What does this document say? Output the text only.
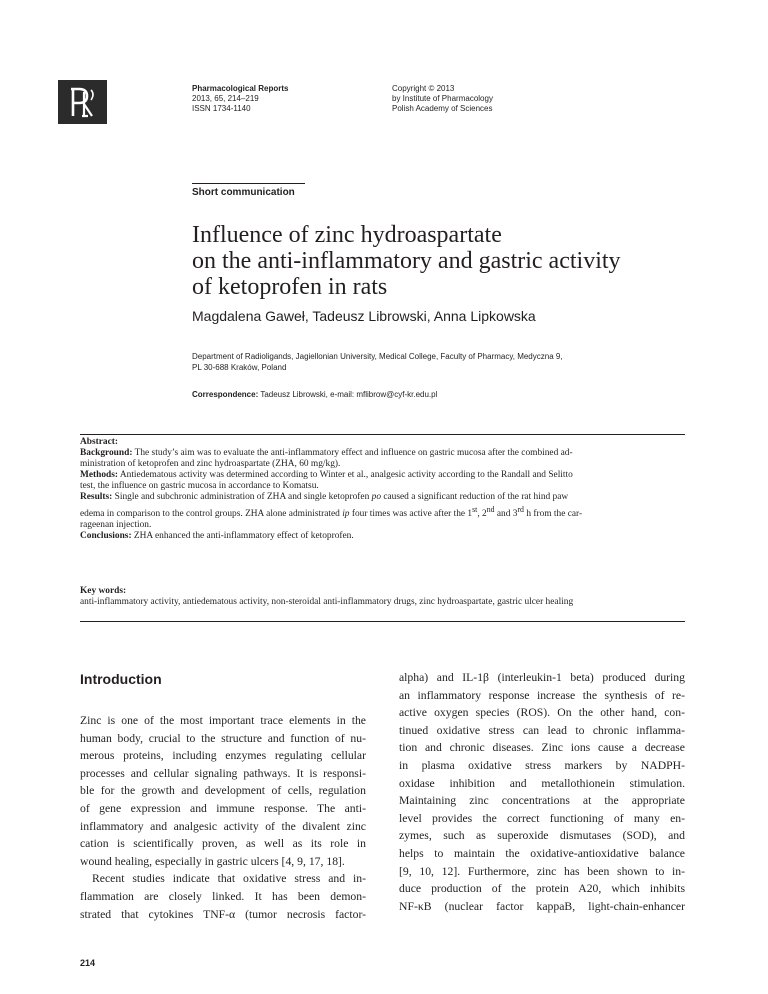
Pharmacological Reports
2013, 65, 214–219
ISSN 1734-1140
Copyright © 2013
by Institute of Pharmacology
Polish Academy of Sciences
Short communication
Influence of zinc hydroaspartate
on the anti-inflammatory and gastric activity
of ketoprofen in rats
Magdalena Gaweł, Tadeusz Librowski, Anna Lipkowska
Department of Radioligands, Jagiellonian University, Medical College, Faculty of Pharmacy, Medyczna 9,
PL 30-688 Kraków, Poland
Correspondence: Tadeusz Librowski, e-mail: mflibrow@cyf-kr.edu.pl
Abstract:
Background: The study’s aim was to evaluate the anti-inflammatory effect and influence on gastric mucosa after the combined ad-
ministration of ketoprofen and zinc hydroaspartate (ZHA, 60 mg/kg).
Methods: Antiedematous activity was determined according to Winter et al., analgesic activity according to the Randall and Selitto
test, the influence on gastric mucosa in accordance to Komatsu.
Results: Single and subchronic administration of ZHA and single ketoprofen po caused a significant reduction of the rat hind paw
edema in comparison to the control groups. ZHA alone administrated ip four times was active after the 1st, 2nd and 3rd h from the car-
rageenan injection.
Conclusions: ZHA enhanced the anti-inflammatory effect of ketoprofen.
Key words:
anti-inflammatory activity, antiedematous activity, non-steroidal anti-inflammatory drugs, zinc hydroaspartate, gastric ulcer healing
Introduction
Zinc is one of the most important trace elements in the
human body, crucial to the structure and function of nu-
merous proteins, including enzymes regulating cellular
processes and cellular signaling pathways. It is responsi-
ble for the growth and development of cells, regulation
of gene expression and immune response. The anti-
inflammatory and analgesic activity of the divalent zinc
cation is scientifically proven, as well as its role in
wound healing, especially in gastric ulcers [4, 9, 17, 18].
Recent studies indicate that oxidative stress and in-
flammation are closely linked. It has been demon-
strated that cytokines TNF-α (tumor necrosis factor-
alpha) and IL-1β (interleukin-1 beta) produced during
an inflammatory response increase the synthesis of re-
active oxygen species (ROS). On the other hand, con-
tinued oxidative stress can lead to chronic inflamma-
tion and chronic diseases. Zinc ions cause a decrease
in plasma oxidative stress markers by NADPH-
oxidase inhibition and metallothionein stimulation.
Maintaining zinc concentrations at the appropriate
level provides the correct functioning of many en-
zymes, such as superoxide dismutases (SOD), and
helps to maintain the oxidative-antioxidative balance
[9, 10, 12]. Furthermore, zinc has been shown to in-
duce production of the protein A20, which inhibits
NF-κB (nuclear factor kappaB, light-chain-enhancer
214
